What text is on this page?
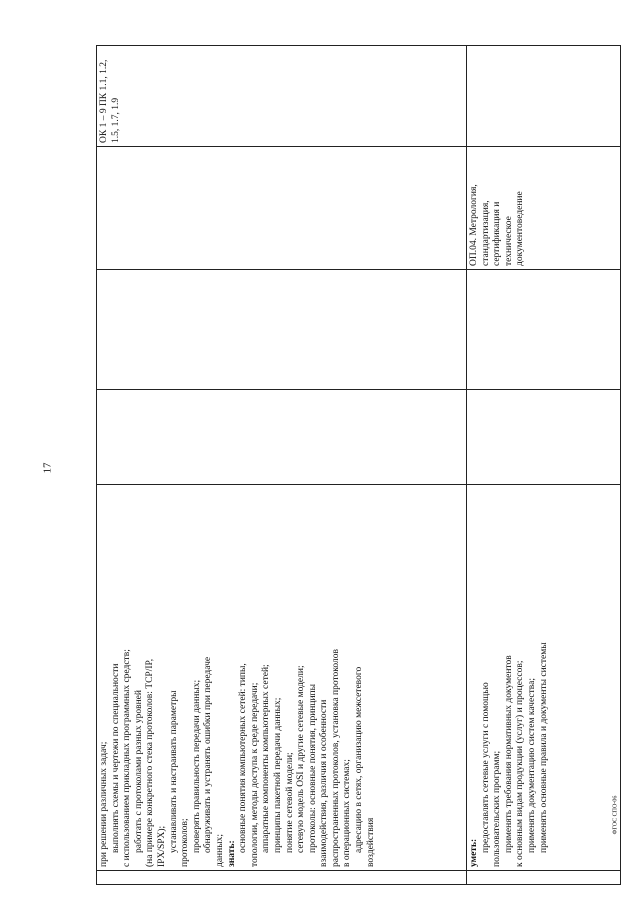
17
при решении различных задач; выполнять схемы и чертежи по специальности с использованием прикладных программных средств; работать с протоколами разных уровней (на примере конкретного стека протоколов: TCP/IP, IPX/SPX); устанавливать и настраивать параметры протоколов; проверять правильность передачи данных; обнаруживать и устранять ошибки при передаче данных; знать:
основные понятия компьютерных сетей: типы, топологии, методы доступа к среде передачи; аппаратные компоненты компьютерных сетей; принципы пакетной передачи данных; понятие сетевой модели; сетевую модель OSI и другие сетевые модели; протоколы: основные понятия, принципы взаимодействия, различия и особенности распространенных протоколов, установка протоколов в операционных системах; адресацию в сетях, организацию межсетевого воздействия
ОК 1 – 9 ПК 1.1, 1.2, 1.5, 1.7, 1.9
уметь: предоставлять сетевые услуги с помощью пользовательских программ; применять требования нормативных документов к основным видам продукции (услуг) и процессов; применять документацию систем качества; применять основные правила и документы системы
ОП.04. Метрология, стандартизация, сертификация и техническое документоведение
ФГОС СПО-06
